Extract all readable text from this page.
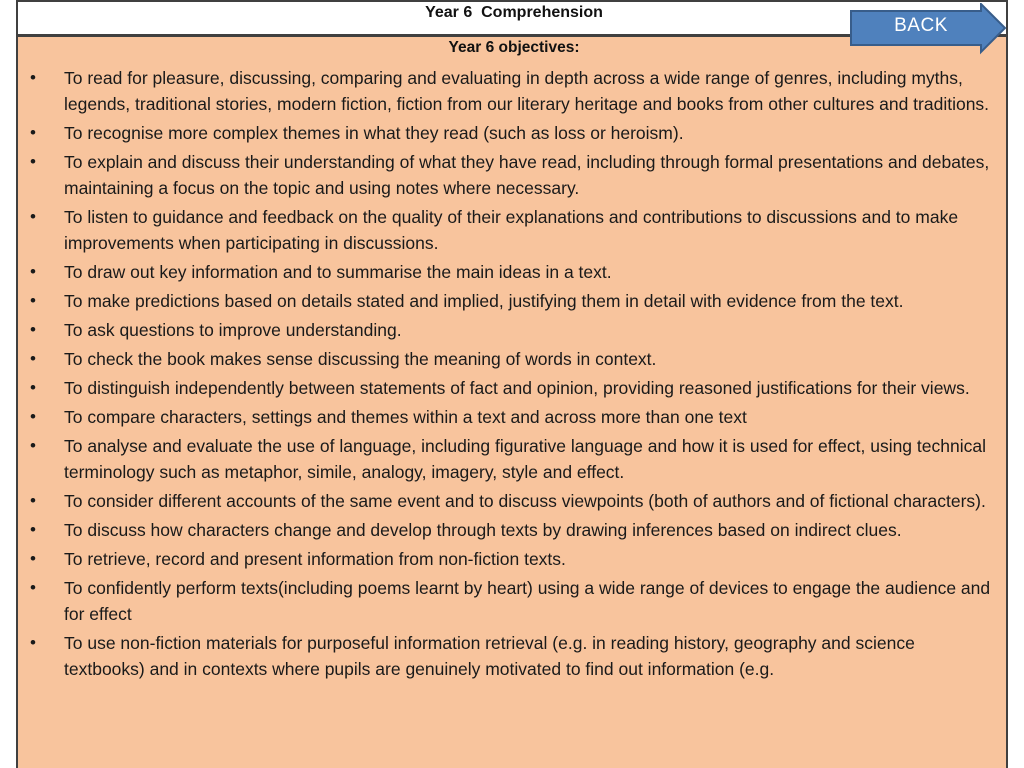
Year 6  Comprehension
Year 6 objectives:
• To read for pleasure, discussing, comparing and evaluating in depth across a wide range of genres, including myths, legends, traditional stories, modern fiction, fiction from our literary heritage and books from other cultures and traditions.
• To recognise more complex themes in what they read (such as loss or heroism).
• To explain and discuss their understanding of what they have read, including through formal presentations and debates, maintaining a focus on the topic and using notes where necessary.
• To listen to guidance and feedback on the quality of their explanations and contributions to discussions and to make improvements when participating in discussions.
• To draw out key information and to summarise the main ideas in a text.
• To make predictions based on details stated and implied, justifying them in detail with evidence from the text.
• To ask questions to improve understanding.
• To check the book makes sense discussing the meaning of words in context.
• To distinguish independently between statements of fact and opinion, providing reasoned justifications for their views.
• To compare characters, settings and themes within a text and across more than one text
• To analyse and evaluate the use of language, including figurative language and how it is used for effect, using technical terminology such as metaphor, simile, analogy, imagery, style and effect.
• To consider different accounts of the same event and to discuss viewpoints (both of authors and of fictional characters).
• To discuss how characters change and develop through texts by drawing inferences based on indirect clues.
• To retrieve, record and present information from non-fiction texts.
• To confidently perform texts(including poems learnt by heart) using a wide range of devices to engage the audience and for effect
• To use non-fiction materials for purposeful information retrieval (e.g. in reading history, geography and science textbooks) and in contexts where pupils are genuinely motivated to find out information (e.g.
BACK
